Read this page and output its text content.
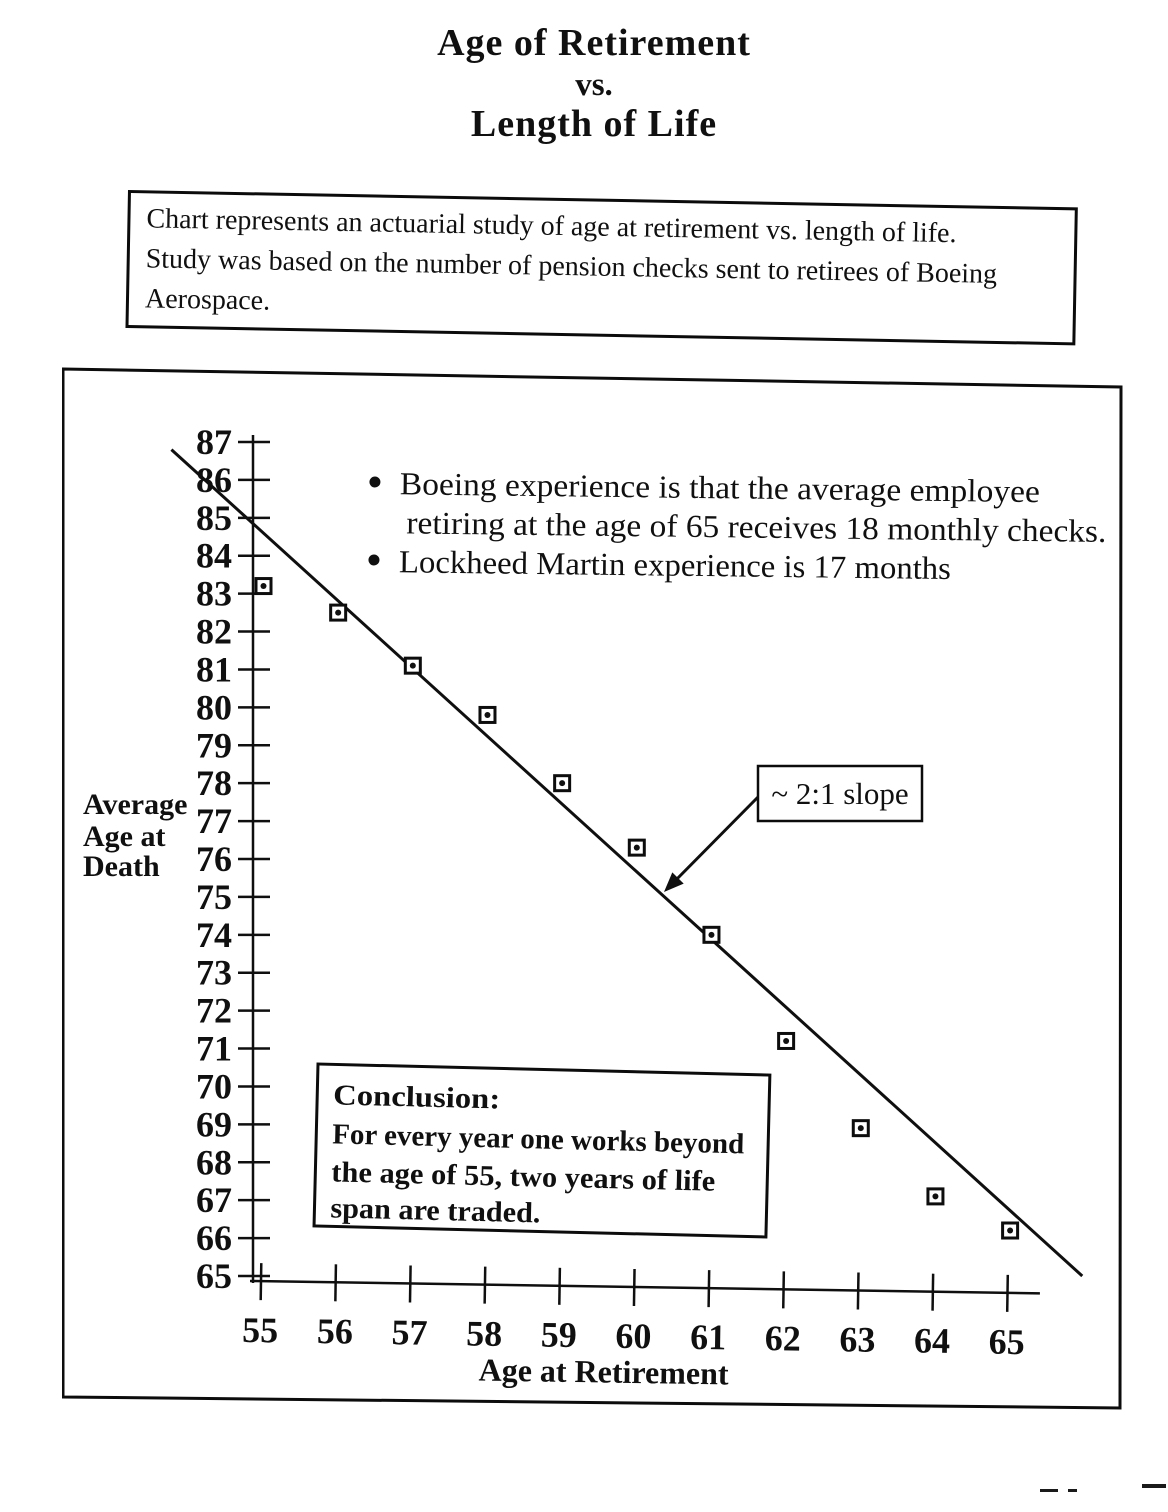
Age of Retirement
vs.
Length of Life
Chart represents an actuarial study of age at retirement vs. length of life.
Study was based on the number of pension checks sent to retirees of Boeing
Aerospace.
Boeing experience is that the average employee
retiring at the age of 65 receives 18 monthly checks.
Lockheed Martin experience is 17 months
65
66
67
68
69
70
71
72
73
74
75
76
77
78
79
80
81
82
83
84
85
86
87
Average
Age at
Death
Age at Retirement
55 56 57 58 59 60 61 62 63 64 65
~ 2:1 slope
Conclusion:
For every year one works beyond
the age of 55, two years of life
span are traded.
